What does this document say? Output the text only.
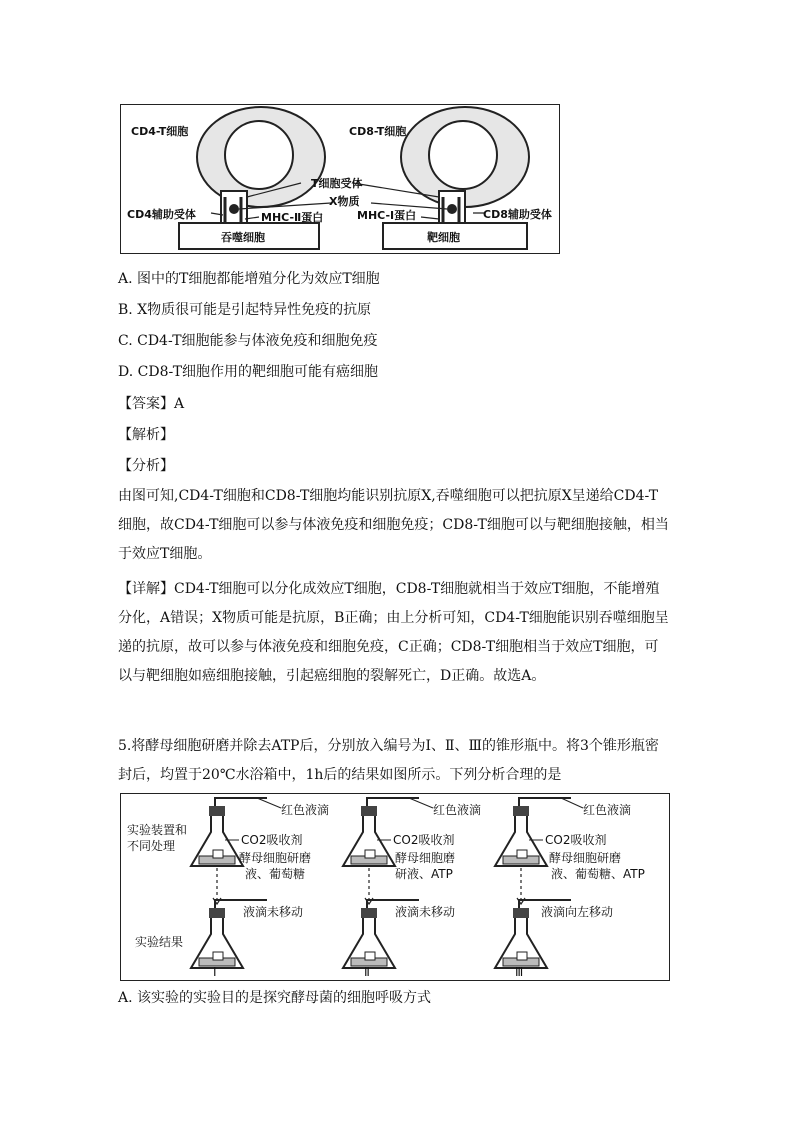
CD4-T细胞	CD8-T细胞
T细胞受体
X物质
CD4辅助受体	MHC-Ⅱ蛋白	MHC-Ⅰ蛋白	CD8辅助受体
吞噬细胞	靶细胞
A. 图中的T细胞都能增殖分化为效应T细胞
B. X物质很可能是引起特异性免疫的抗原
C. CD4-T细胞能参与体液免疫和细胞免疫
D. CD8-T细胞作用的靶细胞可能有癌细胞
【答案】A
【解析】
【分析】
由图可知,CD4-T细胞和CD8-T细胞均能识别抗原X,吞噬细胞可以把抗原X呈递给CD4-T
细胞，故CD4-T细胞可以参与体液免疫和细胞免疫；CD8-T细胞可以与靶细胞接触，相当
于效应T细胞。
【详解】CD4-T细胞可以分化成效应T细胞，CD8-T细胞就相当于效应T细胞，不能增殖
分化，A错误；X物质可能是抗原，B正确；由上分析可知，CD4-T细胞能识别吞噬细胞呈
递的抗原，故可以参与体液免疫和细胞免疫，C正确；CD8-T细胞相当于效应T细胞，可
以与靶细胞如癌细胞接触，引起癌细胞的裂解死亡，D正确。故选A。
5.将酵母细胞研磨并除去ATP后，分别放入编号为Ⅰ、Ⅱ、Ⅲ的锥形瓶中。将3个锥形瓶密
封后，均置于20℃水浴箱中，1h后的结果如图所示。下列分析合理的是
实验装置和
不同处理
实验结果
红色液滴	红色液滴	红色液滴
CO2吸收剂	CO2吸收剂	CO2吸收剂
酵母细胞研磨
液、葡萄糖
酵母细胞磨
研液、ATP
酵母细胞研磨
液、葡萄糖、ATP
液滴未移动	液滴未移动	液滴向左移动
Ⅰ	Ⅱ	Ⅲ
A. 该实验的实验目的是探究酵母菌的细胞呼吸方式
